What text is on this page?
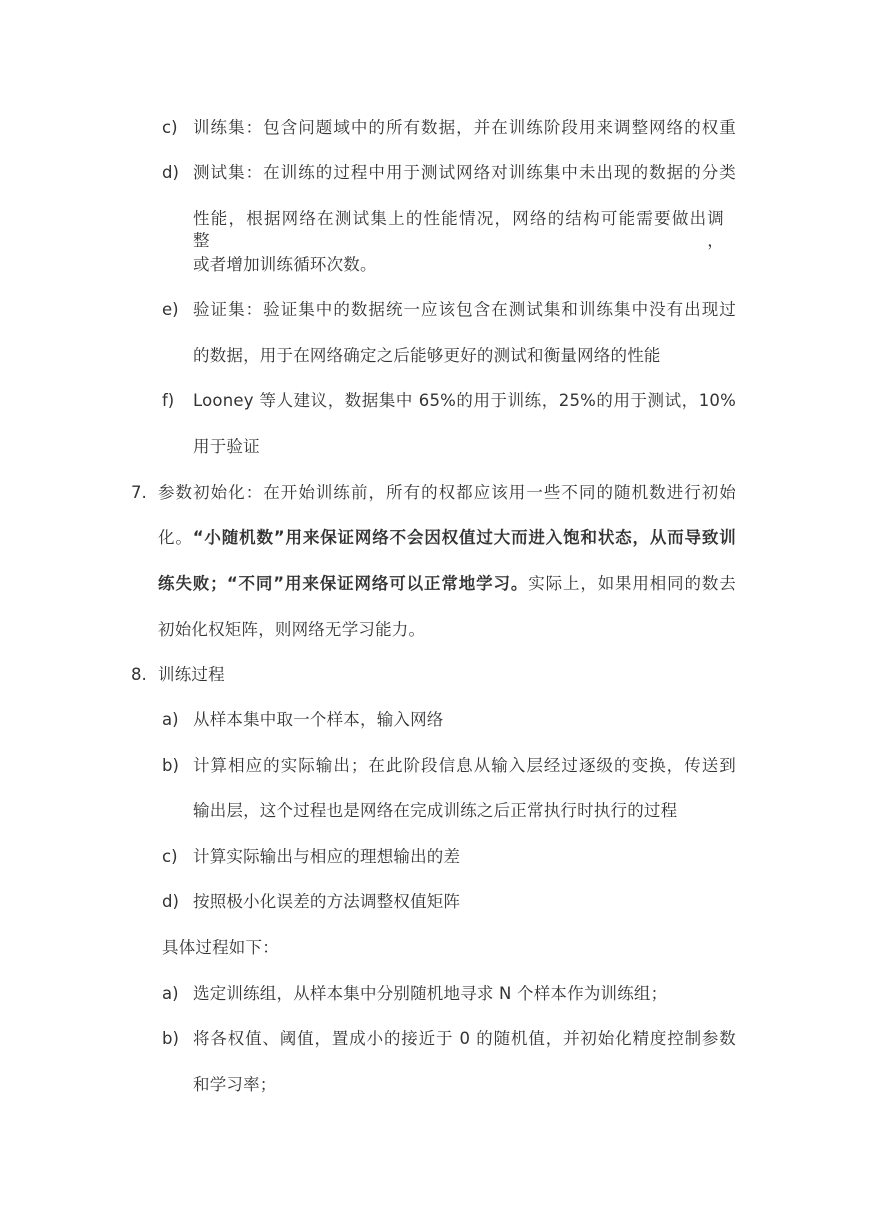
c) 训练集：包含问题域中的所有数据，并在训练阶段用来调整网络的权重
d) 测试集：在训练的过程中用于测试网络对训练集中未出现的数据的分类
性能，根据网络在测试集上的性能情况，网络的结构可能需要做出调整，
或者增加训练循环次数。
e) 验证集：验证集中的数据统一应该包含在测试集和训练集中没有出现过
的数据，用于在网络确定之后能够更好的测试和衡量网络的性能
f) Looney 等人建议，数据集中 65%的用于训练，25%的用于测试，10%
用于验证
7. 参数初始化：在开始训练前，所有的权都应该用一些不同的随机数进行初始
化。“小随机数”用来保证网络不会因权值过大而进入饱和状态，从而导致训
练失败；“不同”用来保证网络可以正常地学习。实际上，如果用相同的数去
初始化权矩阵，则网络无学习能力。
8. 训练过程
a) 从样本集中取一个样本，输入网络
b) 计算相应的实际输出；在此阶段信息从输入层经过逐级的变换，传送到
输出层，这个过程也是网络在完成训练之后正常执行时执行的过程
c) 计算实际输出与相应的理想输出的差
d) 按照极小化误差的方法调整权值矩阵
具体过程如下：
a) 选定训练组，从样本集中分别随机地寻求 N 个样本作为训练组；
b) 将各权值、阈值，置成小的接近于 0 的随机值，并初始化精度控制参数
和学习率；
